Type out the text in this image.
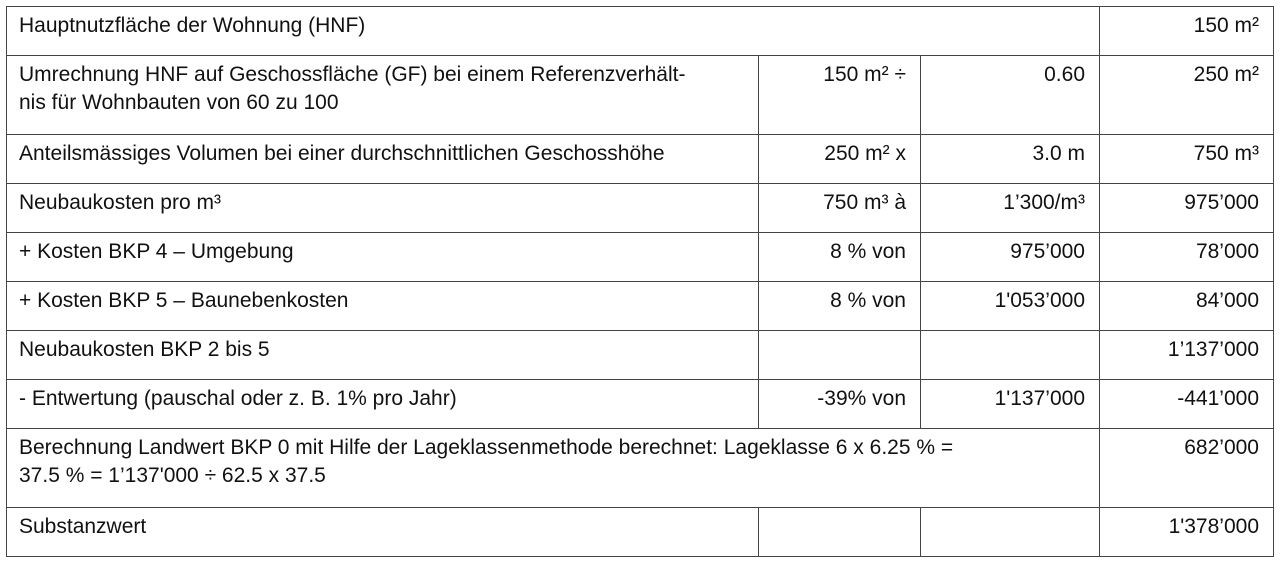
Hauptnutzfläche der Wohnung (HNF)			150 m²
Umrechnung HNF auf Geschossfläche (GF) bei einem Referenzverhält-
nis für Wohnbauten von 60 zu 100	150 m² ÷	0.60	250 m²
Anteilsmässiges Volumen bei einer durchschnittlichen Geschosshöhe	250 m² x	3.0 m	750 m³
Neubaukosten pro m³	750 m³ à	1’300/m³	975’000
+ Kosten BKP 4 – Umgebung	8 % von	975’000	78’000
+ Kosten BKP 5 – Baunebenkosten	8 % von	1'053’000	84’000
Neubaukosten BKP 2 bis 5			1’137’000
- Entwertung (pauschal oder z. B. 1% pro Jahr)	-39% von	1'137’000	-441’000
Berechnung Landwert BKP 0 mit Hilfe der Lageklassenmethode berechnet: Lageklasse 6 x 6.25 % =
37.5 % = 1’137'000 ÷ 62.5 x 37.5			682’000
Substanzwert			1'378’000
